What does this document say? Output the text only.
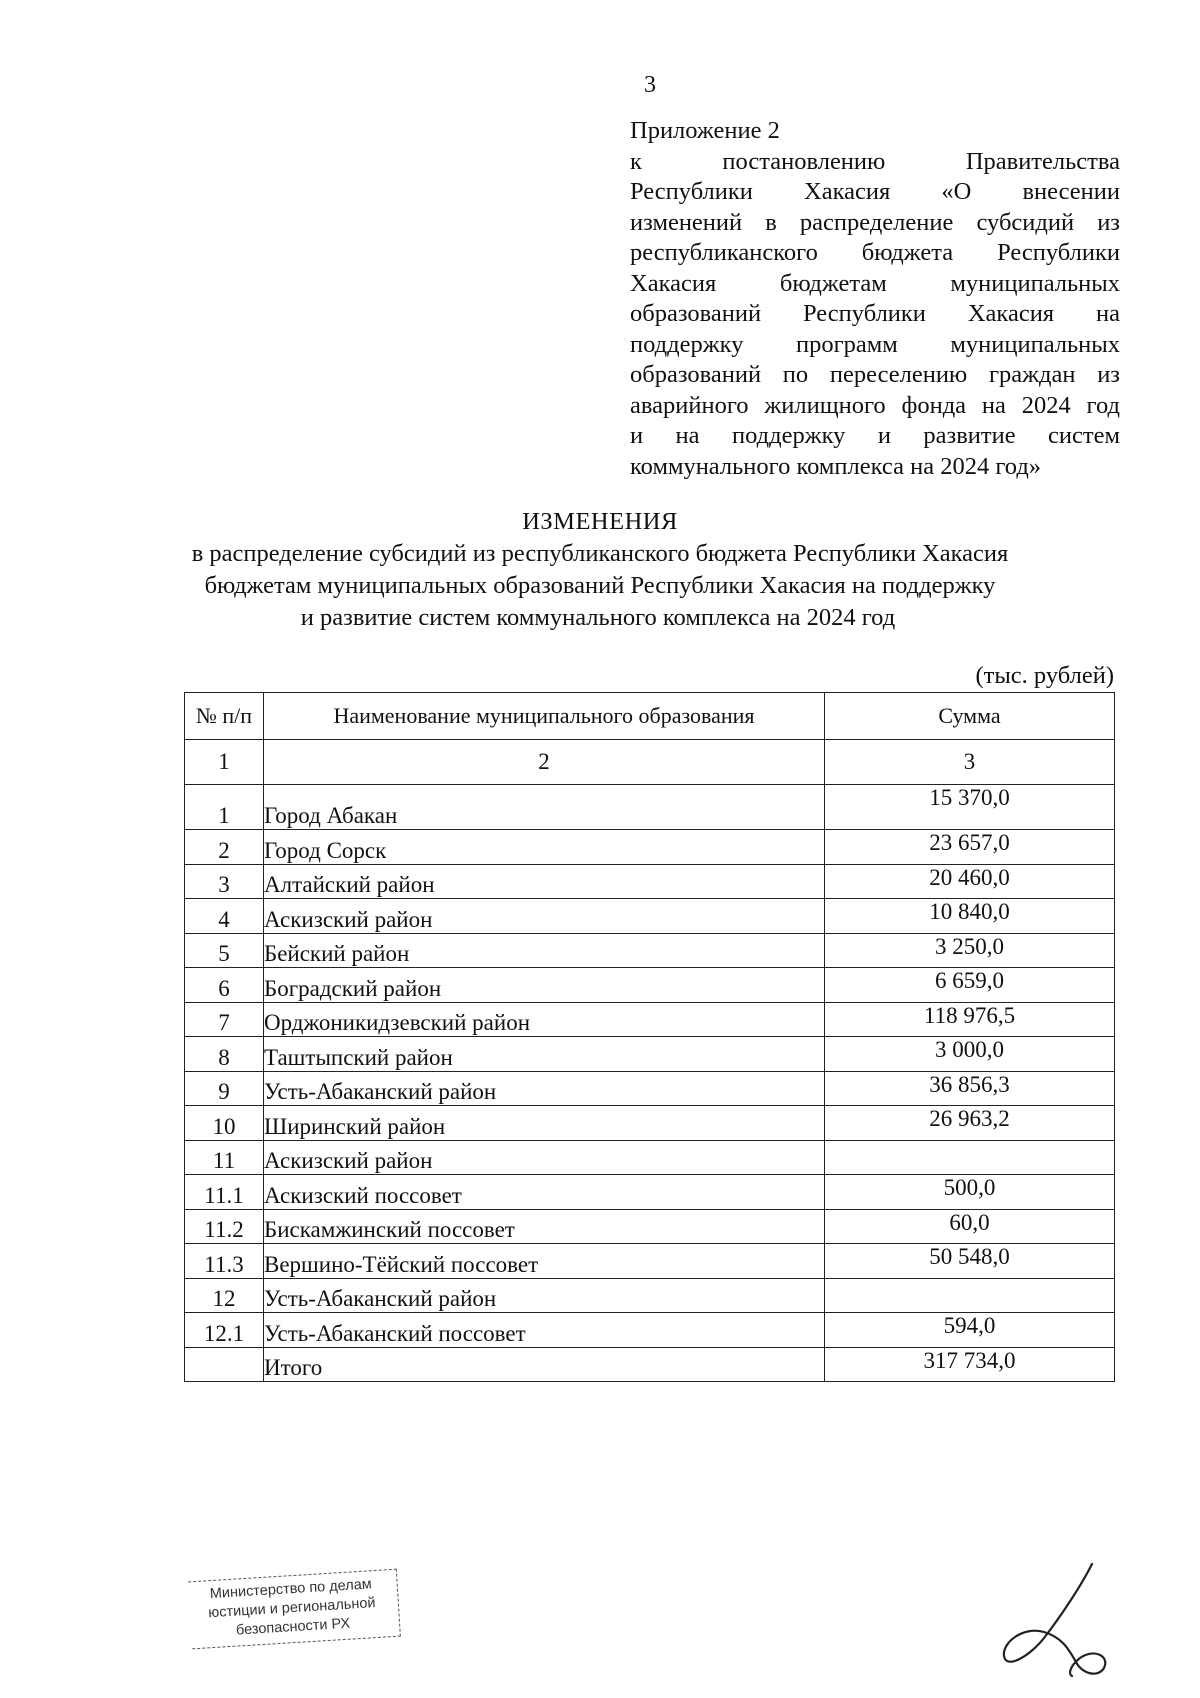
3
Приложение 2
к постановлению Правительства
Республики Хакасия «О внесении
изменений в распределение субсидий из
республиканского бюджета Республики
Хакасия бюджетам муниципальных
образований Республики Хакасия на
поддержку программ муниципальных
образований по переселению граждан из
аварийного жилищного фонда на 2024 год
и на поддержку и развитие систем
коммунального комплекса на 2024 год»
ИЗМЕНЕНИЯ
в распределение субсидий из республиканского бюджета Республики Хакасия
бюджетам муниципальных образований Республики Хакасия на поддержку
и развитие систем коммунального комплекса на 2024 год
(тыс. рублей)
№ п/п	Наименование муниципального образования	Сумма
1	2	3
1	Город Абакан	15 370,0
2	Город Сорск	23 657,0
3	Алтайский район	20 460,0
4	Аскизский район	10 840,0
5	Бейский район	3 250,0
6	Боградский район	6 659,0
7	Орджоникидзевский район	118 976,5
8	Таштыпский район	3 000,0
9	Усть-Абаканский район	36 856,3
10	Ширинский район	26 963,2
11	Аскизский район	
11.1	Аскизский поссовет	500,0
11.2	Бискамжинский поссовет	60,0
11.3	Вершино-Тёйский поссовет	50 548,0
12	Усть-Абаканский район	
12.1	Усть-Абаканский поссовет	594,0
	Итого	317 734,0
Министерство по делам
юстиции и региональной
безопасности РХ
